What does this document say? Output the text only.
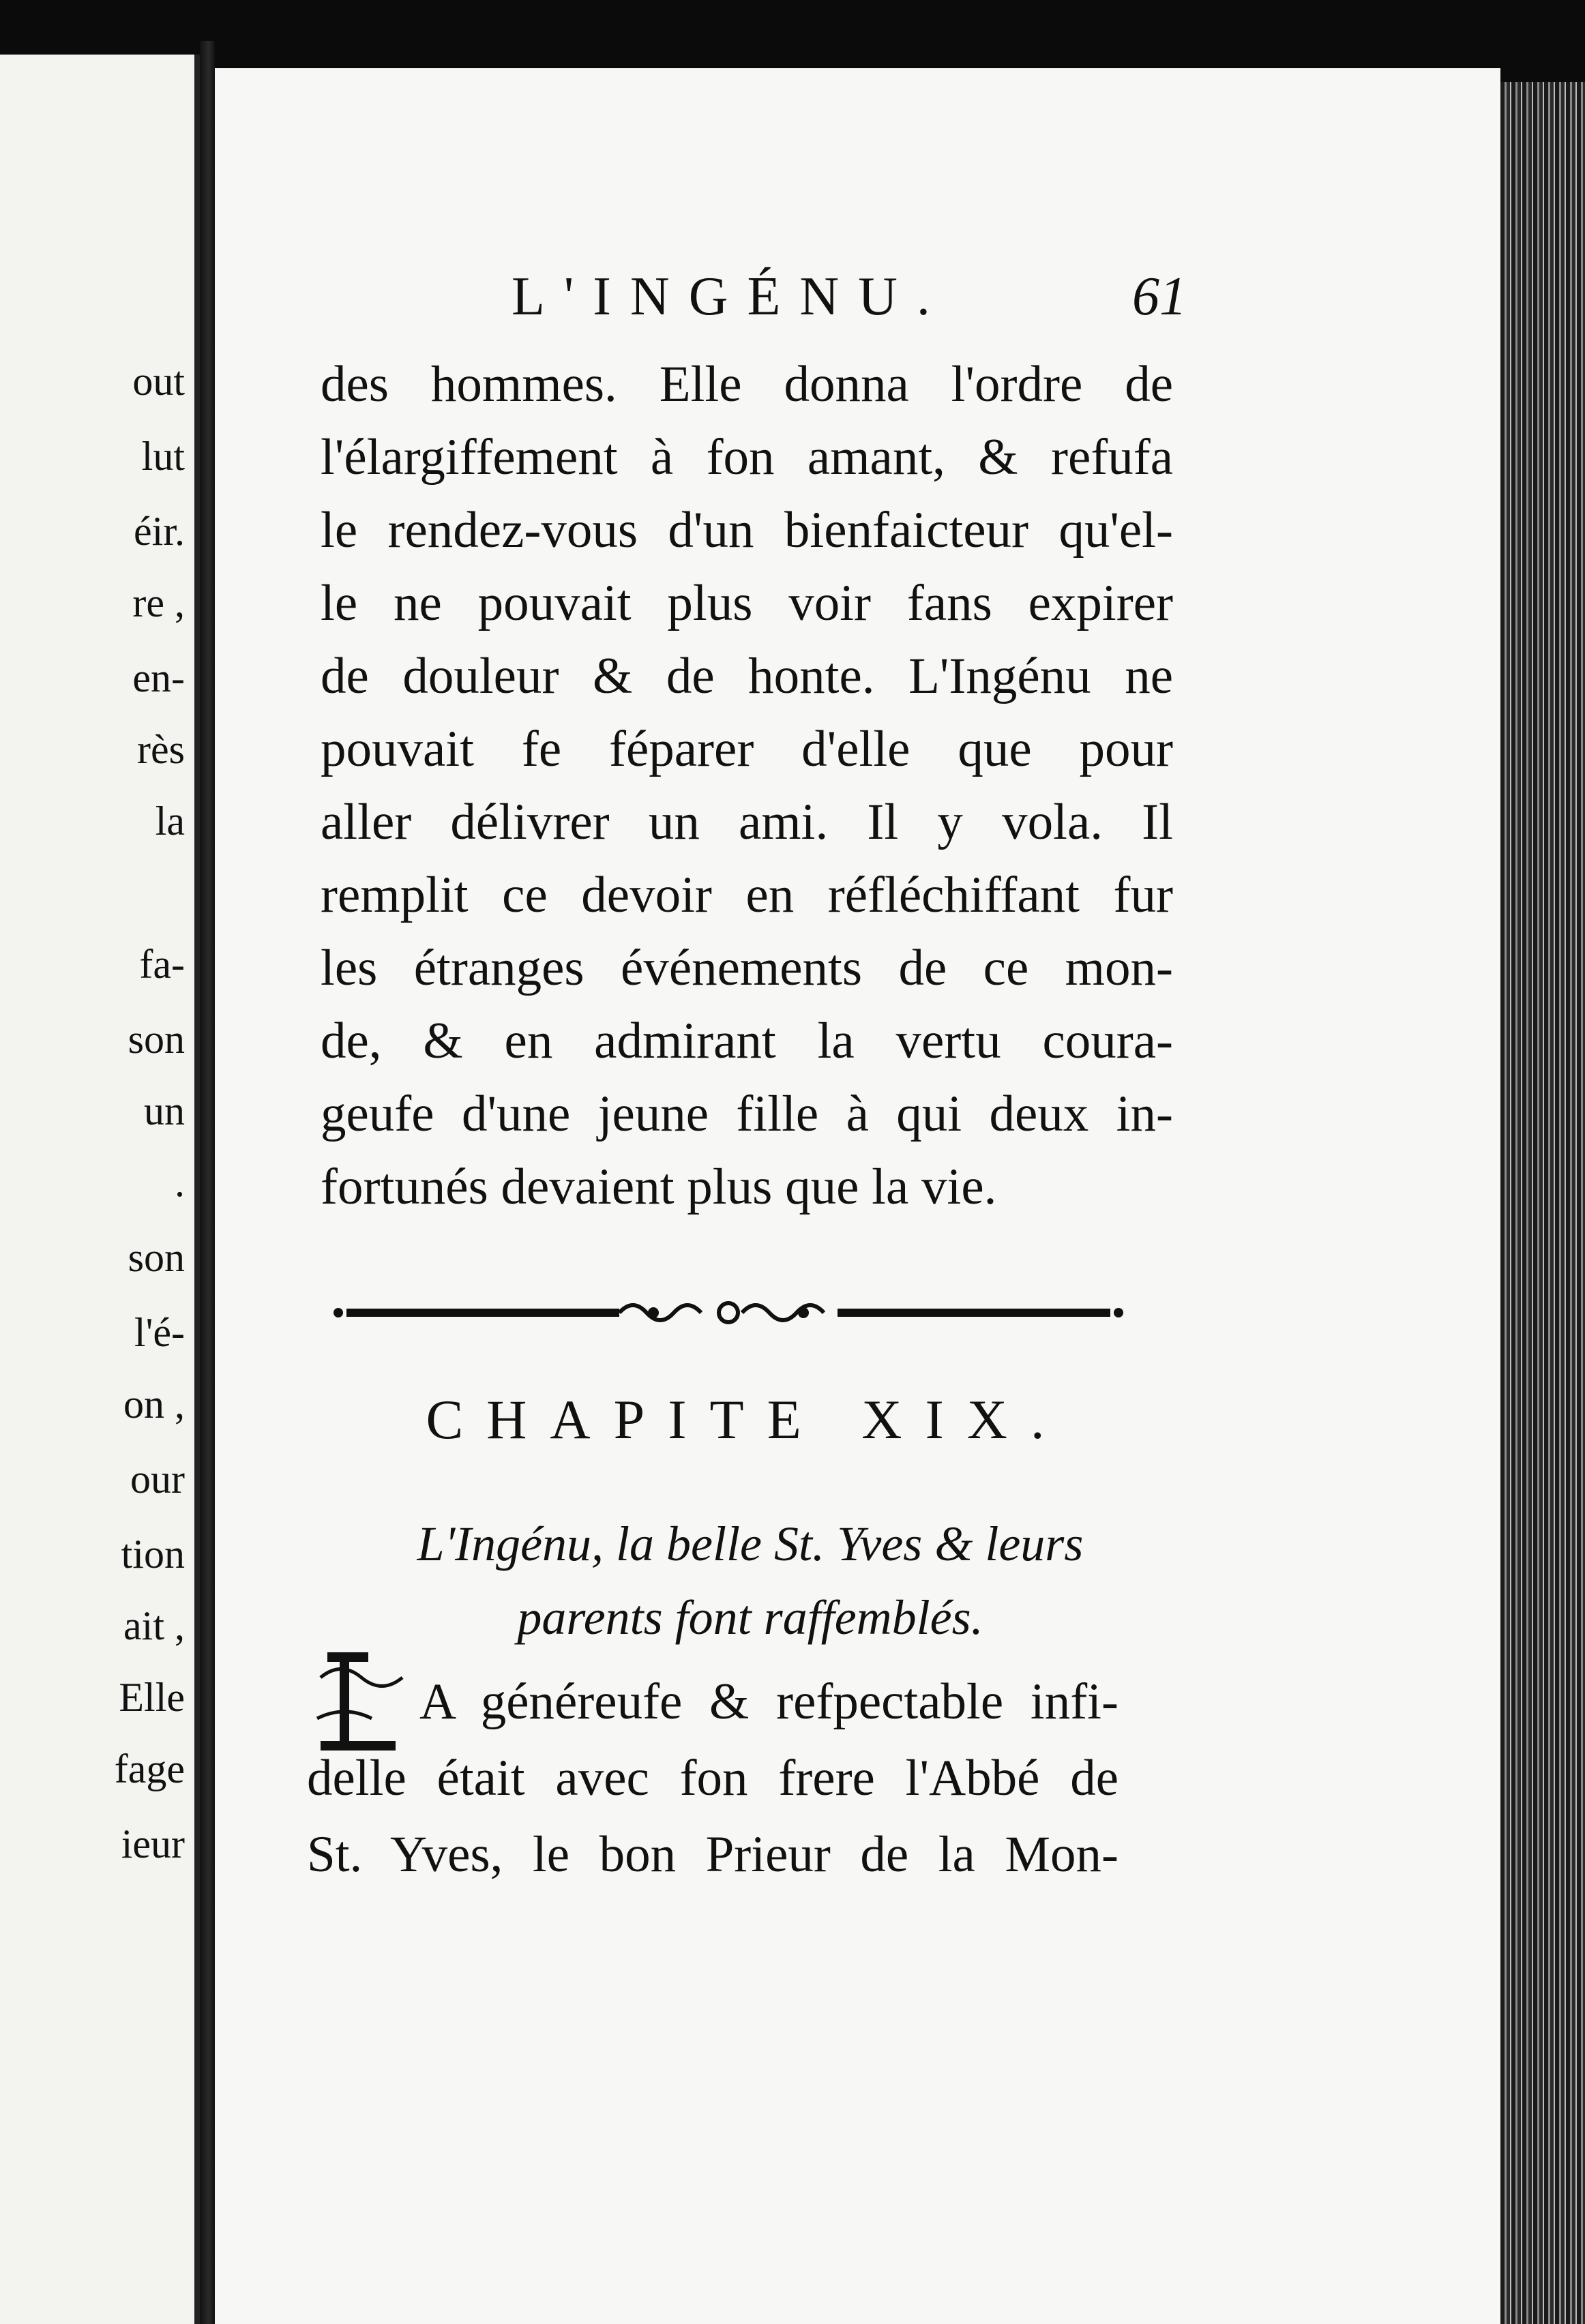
out
lut
éir.
re ,
en-
rès
la
fa-
son
un
.
son
l'é-
on ,
our
tion
ait ,
Elle
fage
ieur
L'INGÉNU.	61
des hommes. Elle donna l'ordre de
l'élargiffement à fon amant, & refufa
le rendez-vous d'un bienfaicteur qu'el-
le ne pouvait plus voir fans expirer
de douleur & de honte. L'Ingénu ne
pouvait fe féparer d'elle que pour
aller délivrer un ami. Il y vola. Il
remplit ce devoir en réfléchiffant fur
les étranges événements de ce mon-
de, & en admirant la vertu coura-
geufe d'une jeune fille à qui deux in-
fortunés devaient plus que la vie.
CHAPITE XIX.
L'Ingénu, la belle St. Yves & leurs
parents font raffemblés.
A généreufe & refpectable infi-
delle était avec fon frere l'Abbé de
St. Yves, le bon Prieur de la Mon-
